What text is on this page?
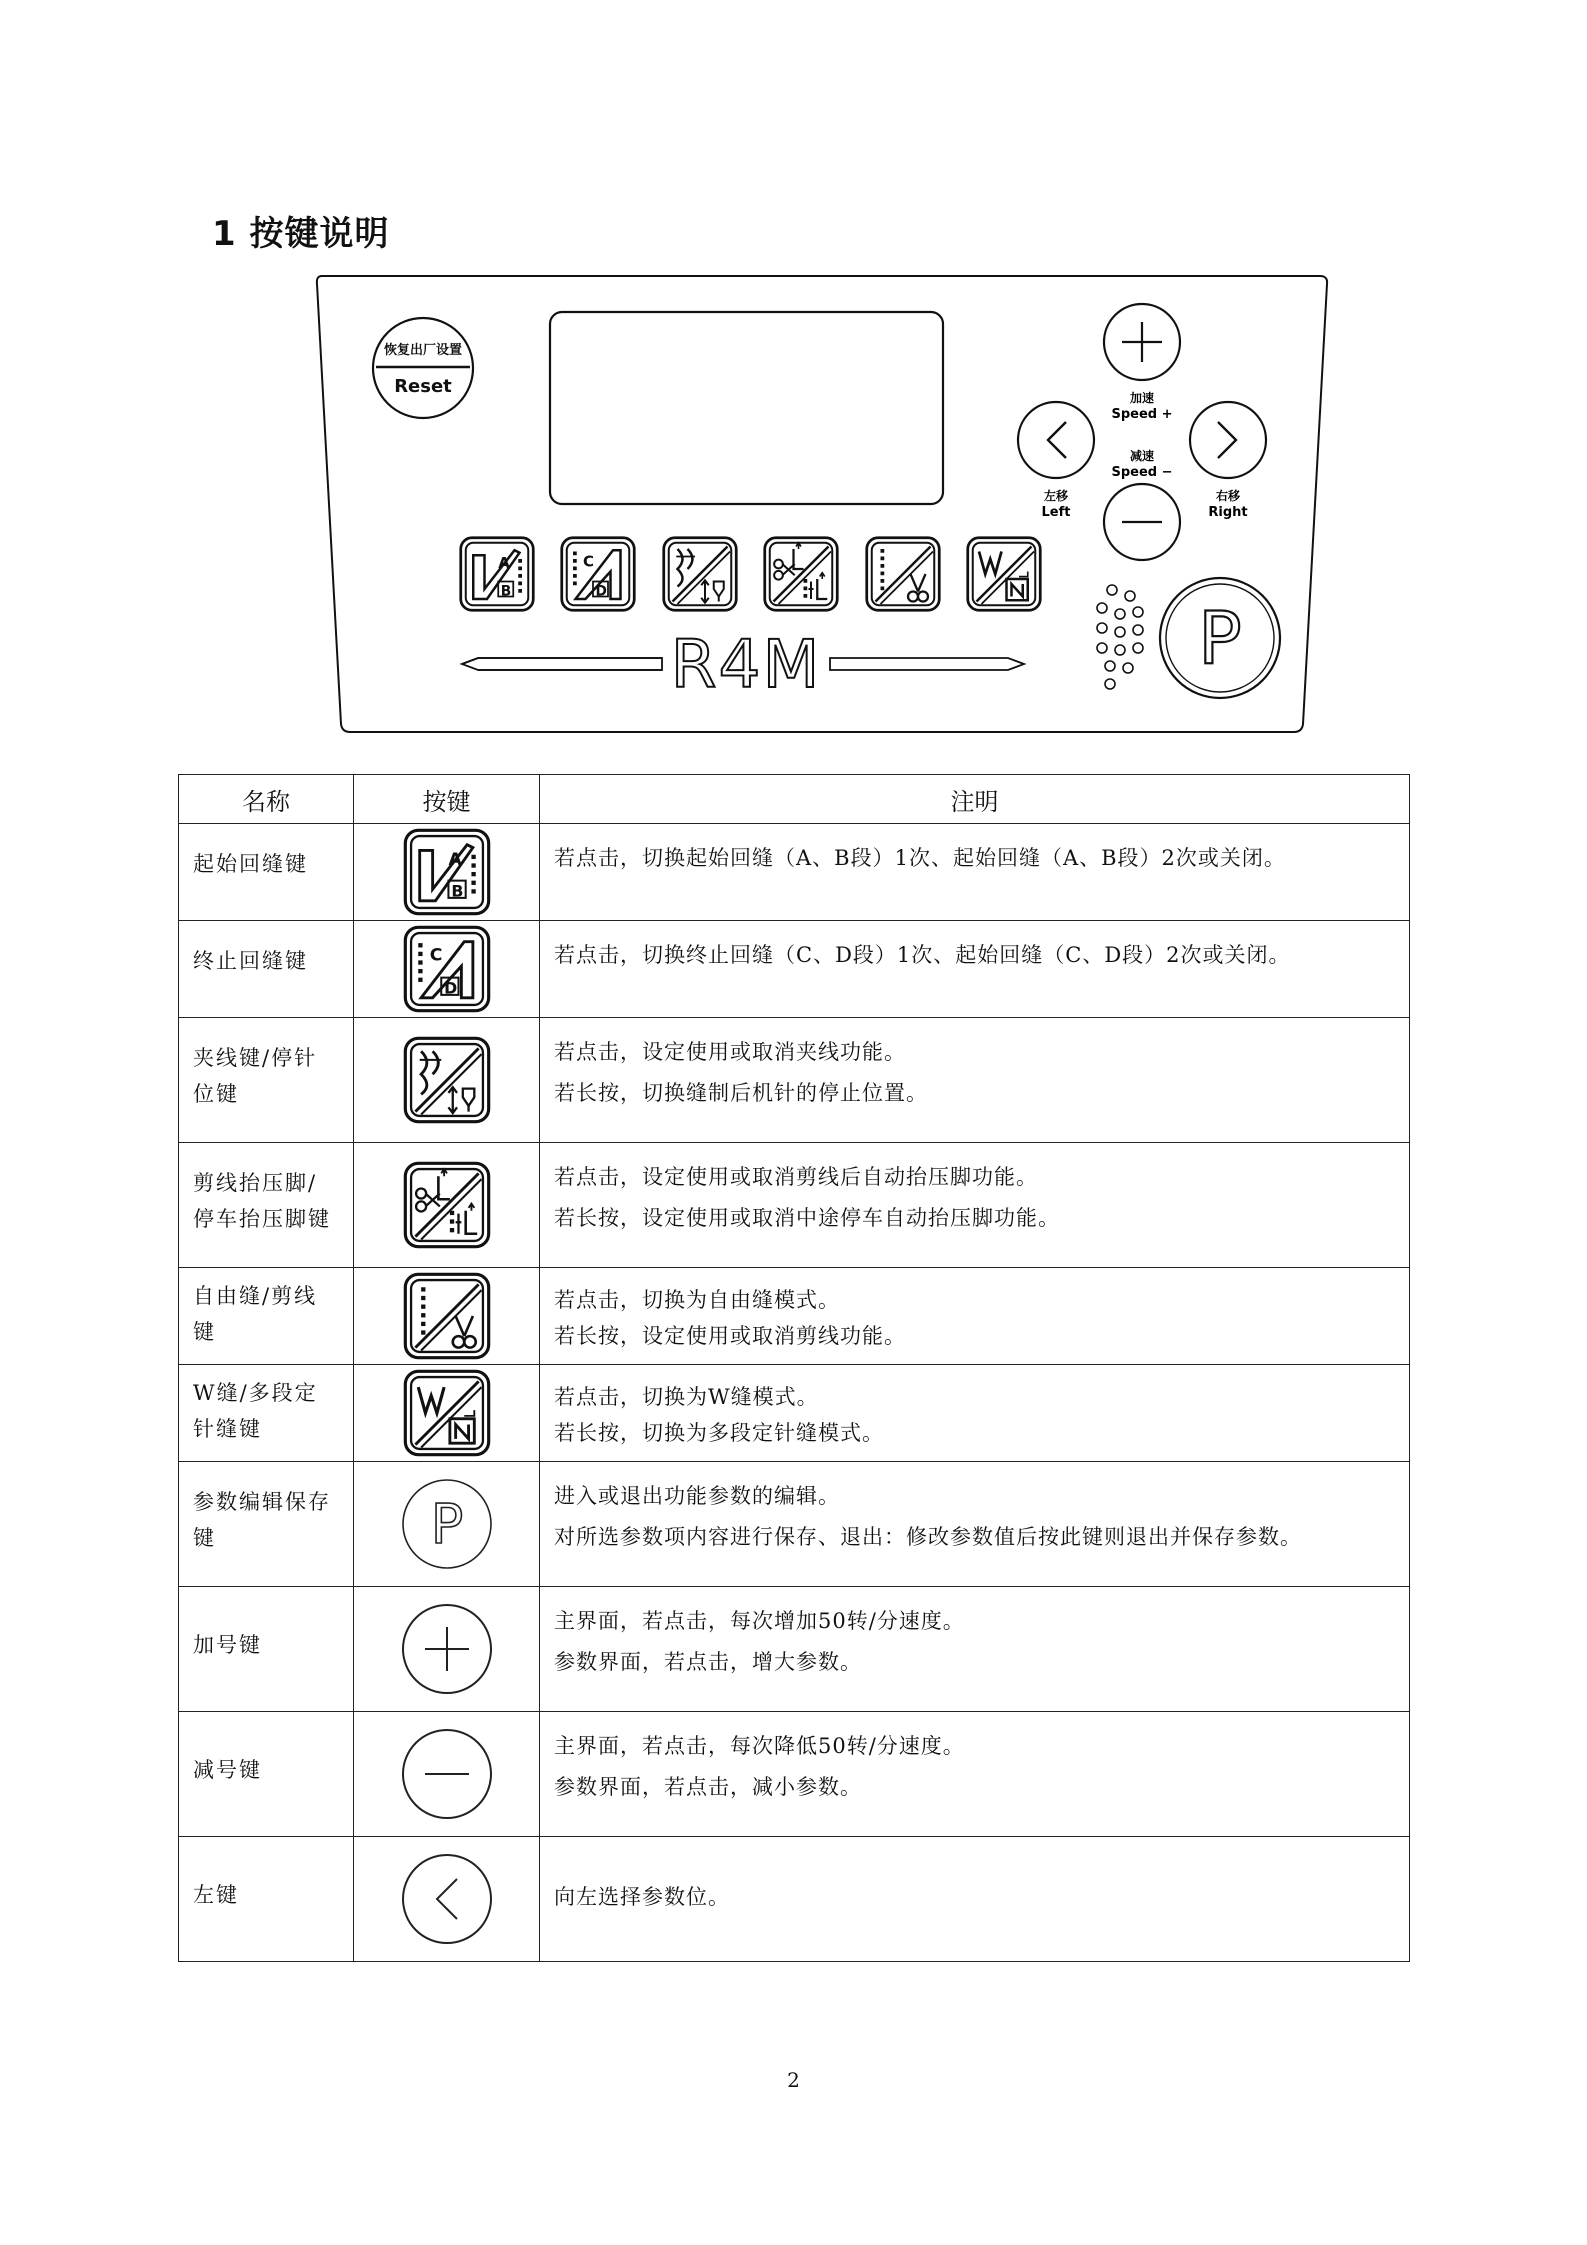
1 按键说明
恢复出厂设置
Reset
加速
Speed +
减速
Speed −
左移
Left
右移
Right
P
R4M
名称	按键	注明
起始回缝键		若点击，切换起始回缝（A、B段）1次、起始回缝（A、B段）2次或关闭。

终止回缝键		若点击，切换终止回缝（C、D段）1次、起始回缝（C、D段）2次或关闭。

夹线键/停针位键		若点击，设定使用或取消夹线功能。
若长按，切换缝制后机针的停止位置。

剪线抬压脚/停车抬压脚键		若点击，设定使用或取消剪线后自动抬压脚功能。
若长按，设定使用或取消中途停车自动抬压脚功能。

自由缝/剪线键		若点击，切换为自由缝模式。
若长按，设定使用或取消剪线功能。

W缝/多段定针缝键		若点击，切换为W缝模式。
若长按，切换为多段定针缝模式。

参数编辑保存键	P	进入或退出功能参数的编辑。
对所选参数项内容进行保存、退出：修改参数值后按此键则退出并保存参数。

加号键		主界面，若点击，每次增加50转/分速度。
参数界面，若点击，增大参数。

减号键		主界面，若点击，每次降低50转/分速度。
参数界面，若点击，减小参数。

左键		向左选择参数位。
2
